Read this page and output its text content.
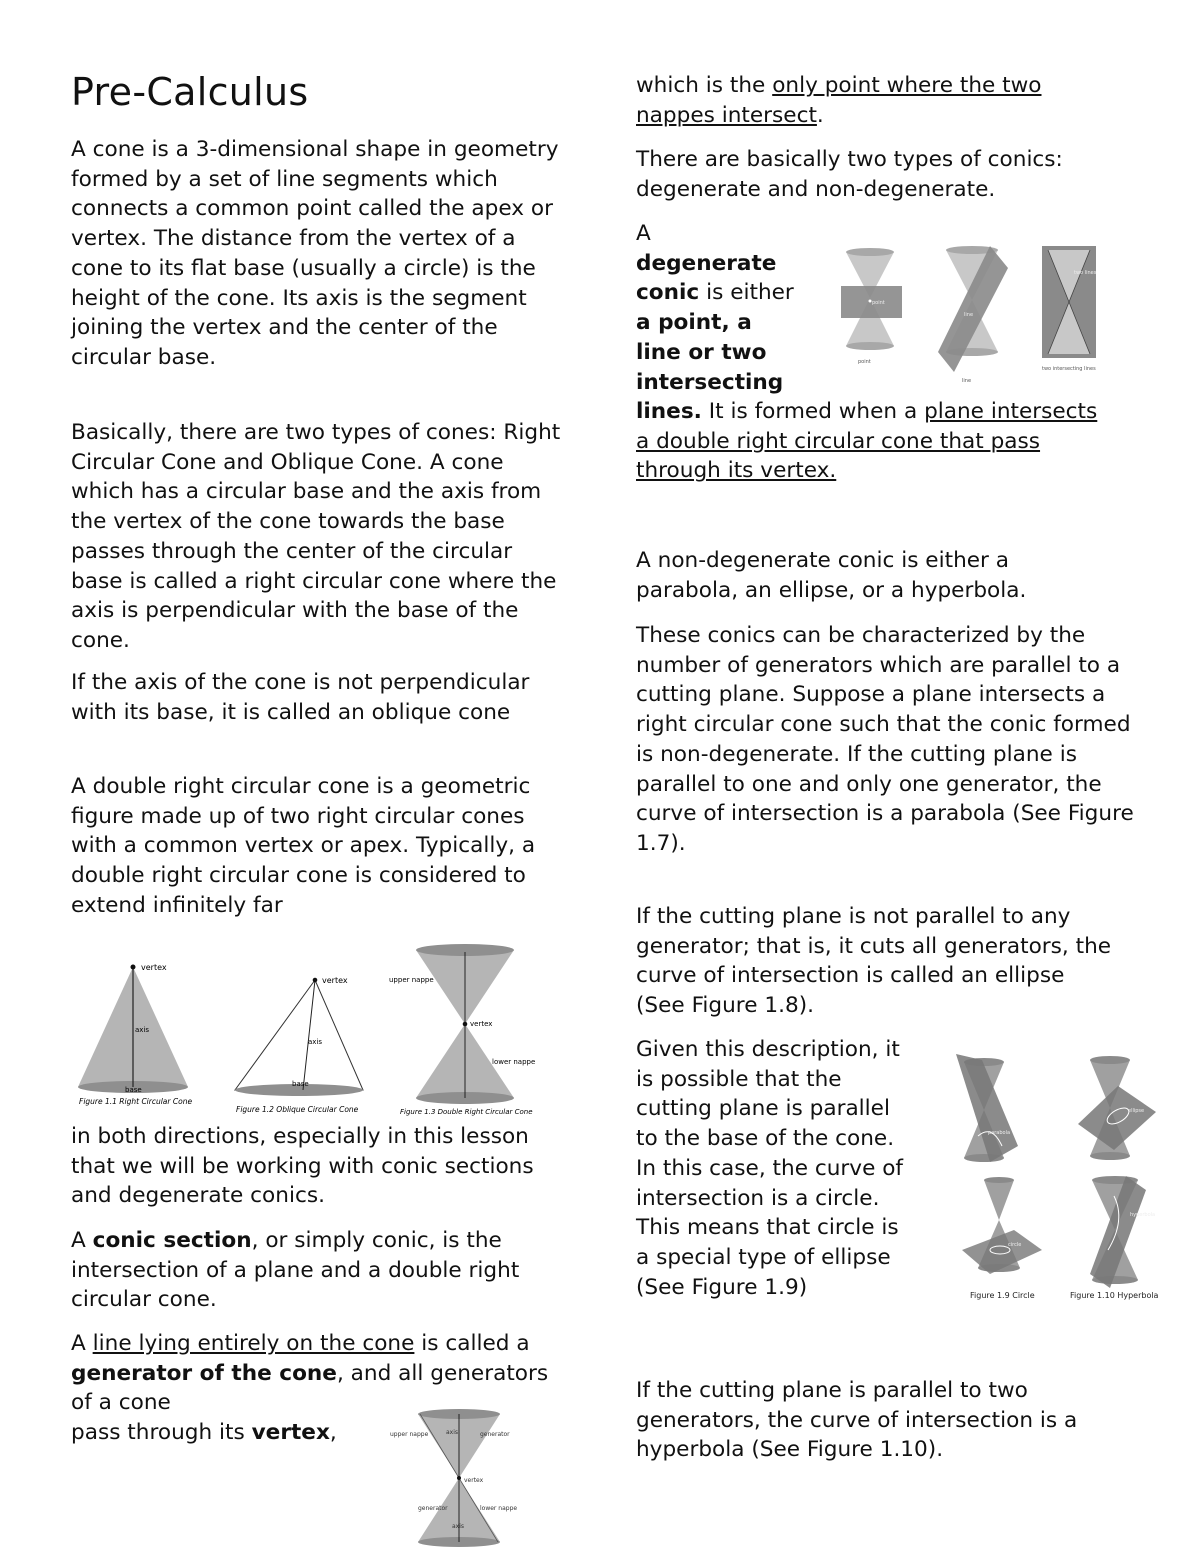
Pre-Calculus

A cone is a 3-dimensional shape in geometry formed by a set of line segments which connects a common point called the apex or vertex. The distance from the vertex of a cone to its flat base (usually a circle) is the height of the cone. Its axis is the segment joining the vertex and the center of the circular base.

Basically, there are two types of cones: Right Circular Cone and Oblique Cone. A cone which has a circular base and the axis from the vertex of the cone towards the base passes through the center of the circular base is called a right circular cone where the axis is perpendicular with the base of the cone.

If the axis of the cone is not perpendicular with its base, it is called an oblique cone

A double right circular cone is a geometric figure made up of two right circular cones with a common vertex or apex. Typically, a double right circular cone is considered to extend infinitely far

in both directions, especially in this lesson that we will be working with conic sections and degenerate conics.

A conic section, or simply conic, is the intersection of a plane and a double right circular cone.

A line lying entirely on the cone is called a generator of the cone, and all generators of a cone
pass through its vertex,

vertex
axis
base
Figure 1.1 Right Circular Cone
vertex
axis
base
Figure 1.2 Oblique Circular Cone
upper nappe
vertex
lower nappe
Figure 1.3 Double Right Circular Cone
upper nappe	generator
axis
vertex
generator	lower nappe
axis

which is the only point where the two nappes intersect.

There are basically two types of conics: degenerate and non-degenerate.

A
degenerate
conic is either
a point, a
line or two
intersecting

lines. It is formed when a plane intersects a double right circular cone that pass through its vertex.

A non-degenerate conic is either a parabola, an ellipse, or a hyperbola.

These conics can be characterized by the number of generators which are parallel to a cutting plane. Suppose a plane intersects a right circular cone such that the conic formed is non-degenerate. If the cutting plane is parallel to one and only one generator, the curve of intersection is a parabola (See Figure 1.7).

If the cutting plane is not parallel to any generator; that is, it cuts all generators, the curve of intersection is called an ellipse (See Figure 1.8).

Given this description, it is possible that the cutting plane is parallel to the base of the cone. In this case, the curve of intersection is a circle. This means that circle is a special type of ellipse (See Figure 1.9)

If the cutting plane is parallel to two generators, the curve of intersection is a hyperbola (See Figure 1.10).

point
point
line
line
two lines
two intersecting lines
parabola
ellipse
circle
hyperbola
Figure 1.9 Circle	Figure 1.10 Hyperbola
